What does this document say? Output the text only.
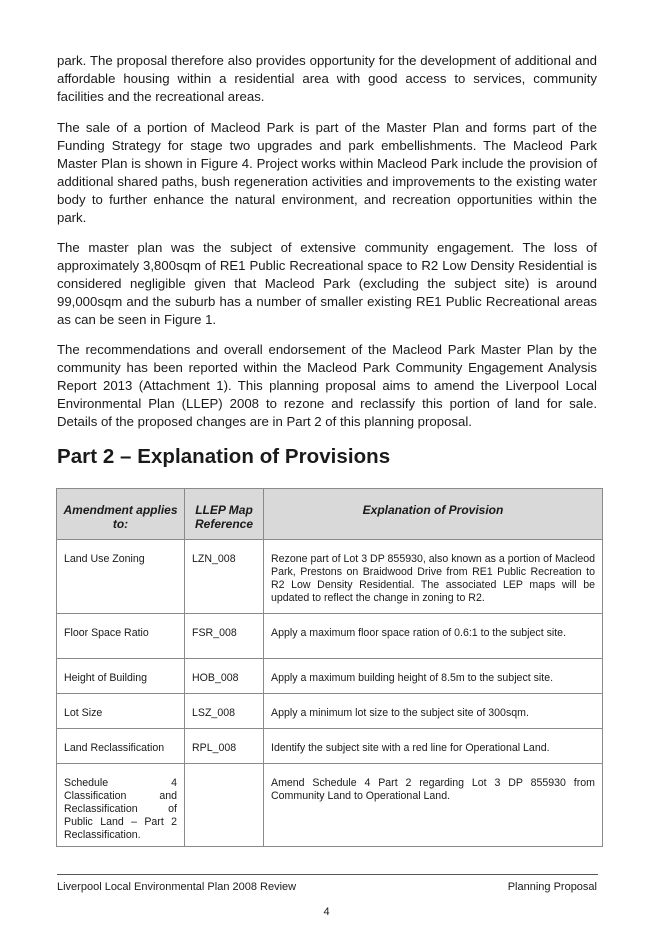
park. The proposal therefore also provides opportunity for the development of additional and affordable housing within a residential area with good access to services, community facilities and the recreational areas.

The sale of a portion of Macleod Park is part of the Master Plan and forms part of the Funding Strategy for stage two upgrades and park embellishments. The Macleod Park Master Plan is shown in Figure 4. Project works within Macleod Park include the provision of additional shared paths, bush regeneration activities and improvements to the existing water body to further enhance the natural environment, and recreation opportunities within the park.

The master plan was the subject of extensive community engagement. The loss of approximately 3,800sqm of RE1 Public Recreational space to R2 Low Density Residential is considered negligible given that Macleod Park (excluding the subject site) is around 99,000sqm and the suburb has a number of smaller existing RE1 Public Recreational areas as can be seen in Figure 1.

The recommendations and overall endorsement of the Macleod Park Master Plan by the community has been reported within the Macleod Park Community Engagement Analysis Report 2013 (Attachment 1). This planning proposal aims to amend the Liverpool Local Environmental Plan (LLEP) 2008 to rezone and reclassify this portion of land for sale. Details of the proposed changes are in Part 2 of this planning proposal.

Part 2 – Explanation of Provisions
Amendment applies to:	LLEP Map Reference	Explanation of Provision
Land Use Zoning	LZN_008	Rezone part of Lot 3 DP 855930, also known as a portion of Macleod Park, Prestons on Braidwood Drive from RE1 Public Recreation to R2 Low Density Residential. The associated LEP maps will be updated to reflect the change in zoning to R2.
Floor Space Ratio	FSR_008	Apply a maximum floor space ration of 0.6:1 to the subject site.
Height of Building	HOB_008	Apply a maximum building height of 8.5m to the subject site.
Lot Size	LSZ_008	Apply a minimum lot size to the subject site of 300sqm.
Land Reclassification	RPL_008	Identify the subject site with a red line for Operational Land.
Schedule 4 Classification and Reclassification of Public Land – Part 2 Reclassification.		Amend Schedule 4 Part 2 regarding Lot 3 DP 855930 from Community Land to Operational Land.
Liverpool Local Environmental Plan 2008 Review	Planning Proposal
4
